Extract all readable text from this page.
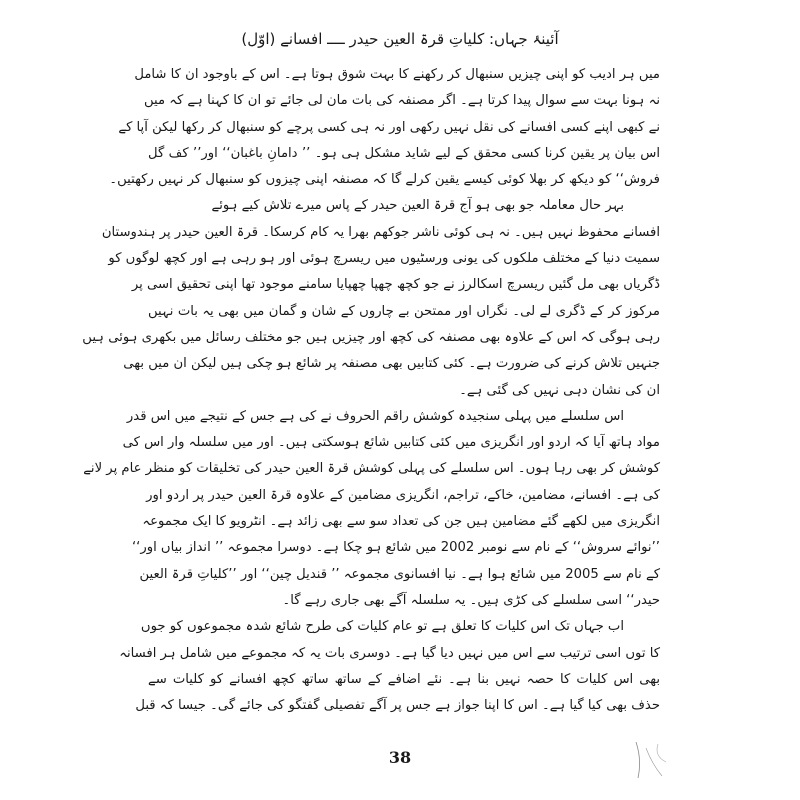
آئینۂ جہاں: کلیاتِ قرۃ العین حیدر ــــ افسانے (اوّل)

میں ہر ادیب کو اپنی چیزیں سنبھال کر رکھنے کا بہت شوق ہوتا ہے۔ اس کے باوجود ان کا شامل
نہ ہونا بہت سے سوال پیدا کرتا ہے۔ اگر مصنفہ کی بات مان لی جائے تو ان کا کہنا ہے کہ میں
نے کبھی اپنے کسی افسانے کی نقل نہیں رکھی اور نہ ہی کسی پرچے کو سنبھال کر رکھا لیکن آپا کے
اس بیان پر یقین کرنا کسی محقق کے لیے شاید مشکل ہی ہو۔ ’’ دامانِ باغبان‘‘ اور’’ کف گل
فروش‘‘ کو دیکھ کر بھلا کوئی کیسے یقین کرلے گا کہ مصنفہ اپنی چیزوں کو سنبھال کر نہیں رکھتیں۔

بہر حال معاملہ جو بھی ہو آج قرۃ العین حیدر کے پاس میرے تلاش کیے ہوئے
افسانے محفوظ نہیں ہیں۔ نہ ہی کوئی ناشر جوکھم بھرا یہ کام کرسکا۔ قرۃ العین حیدر پر ہندوستان
سمیت دنیا کے مختلف ملکوں کی یونی ورسٹیوں میں ریسرچ ہوئی اور ہو رہی ہے اور کچھ لوگوں کو
ڈگریاں بھی مل گئیں ریسرچ اسکالرز نے جو کچھ چھپا چھپایا سامنے موجود تھا اپنی تحقیق اسی پر
مرکوز کر کے ڈگری لے لی۔ نگراں اور ممتحن بے چاروں کے شان و گمان میں بھی یہ بات نہیں
رہی ہوگی کہ اس کے علاوہ بھی مصنفہ کی کچھ اور چیزیں ہیں جو مختلف رسائل میں بکھری ہوئی ہیں
جنہیں تلاش کرنے کی ضرورت ہے۔ کئی کتابیں بھی مصنفہ پر شائع ہو چکی ہیں لیکن ان میں بھی
ان کی نشان دہی نہیں کی گئی ہے۔

اس سلسلے میں پہلی سنجیدہ کوشش راقم الحروف نے کی ہے جس کے نتیجے میں اس قدر
مواد ہاتھ آیا کہ اردو اور انگریزی میں کئی کتابیں شائع ہوسکتی ہیں۔ اور میں سلسلہ وار اس کی
کوشش کر بھی رہا ہوں۔ اس سلسلے کی پہلی کوشش قرۃ العین حیدر کی تخلیقات کو منظر عام پر لانے
کی ہے۔ افسانے، مضامین، خاکے، تراجم، انگریزی مضامین کے علاوہ قرۃ العین حیدر پر اردو اور
انگریزی میں لکھے گئے مضامین ہیں جن کی تعداد سو سے بھی زائد ہے۔ انٹرویو کا ایک مجموعہ
’’نوائے سروش‘‘ کے نام سے نومبر 2002 میں شائع ہو چکا ہے۔ دوسرا مجموعہ ’’ انداز بیاں اور‘‘
کے نام سے 2005 میں شائع ہوا ہے۔ نیا افسانوی مجموعہ ’’ قندیل چین‘‘ اور ’’کلیاتِ قرۃ العین
حیدر‘‘ اسی سلسلے کی کڑی ہیں۔ یہ سلسلہ آگے بھی جاری رہے گا۔

اب جہاں تک اس کلیات کا تعلق ہے تو عام کلیات کی طرح شائع شدہ مجموعوں کو جوں
کا توں اسی ترتیب سے اس میں نہیں دیا گیا ہے۔ دوسری بات یہ کہ مجموعے میں شامل ہر افسانہ
بھی اس کلیات کا حصہ نہیں بنا ہے۔ نئے اضافے کے ساتھ ساتھ کچھ افسانے کو کلیات سے
حذف بھی کیا گیا ہے۔ اس کا اپنا جواز ہے جس پر آگے تفصیلی گفتگو کی جائے گی۔ جیسا کہ قبل

38
